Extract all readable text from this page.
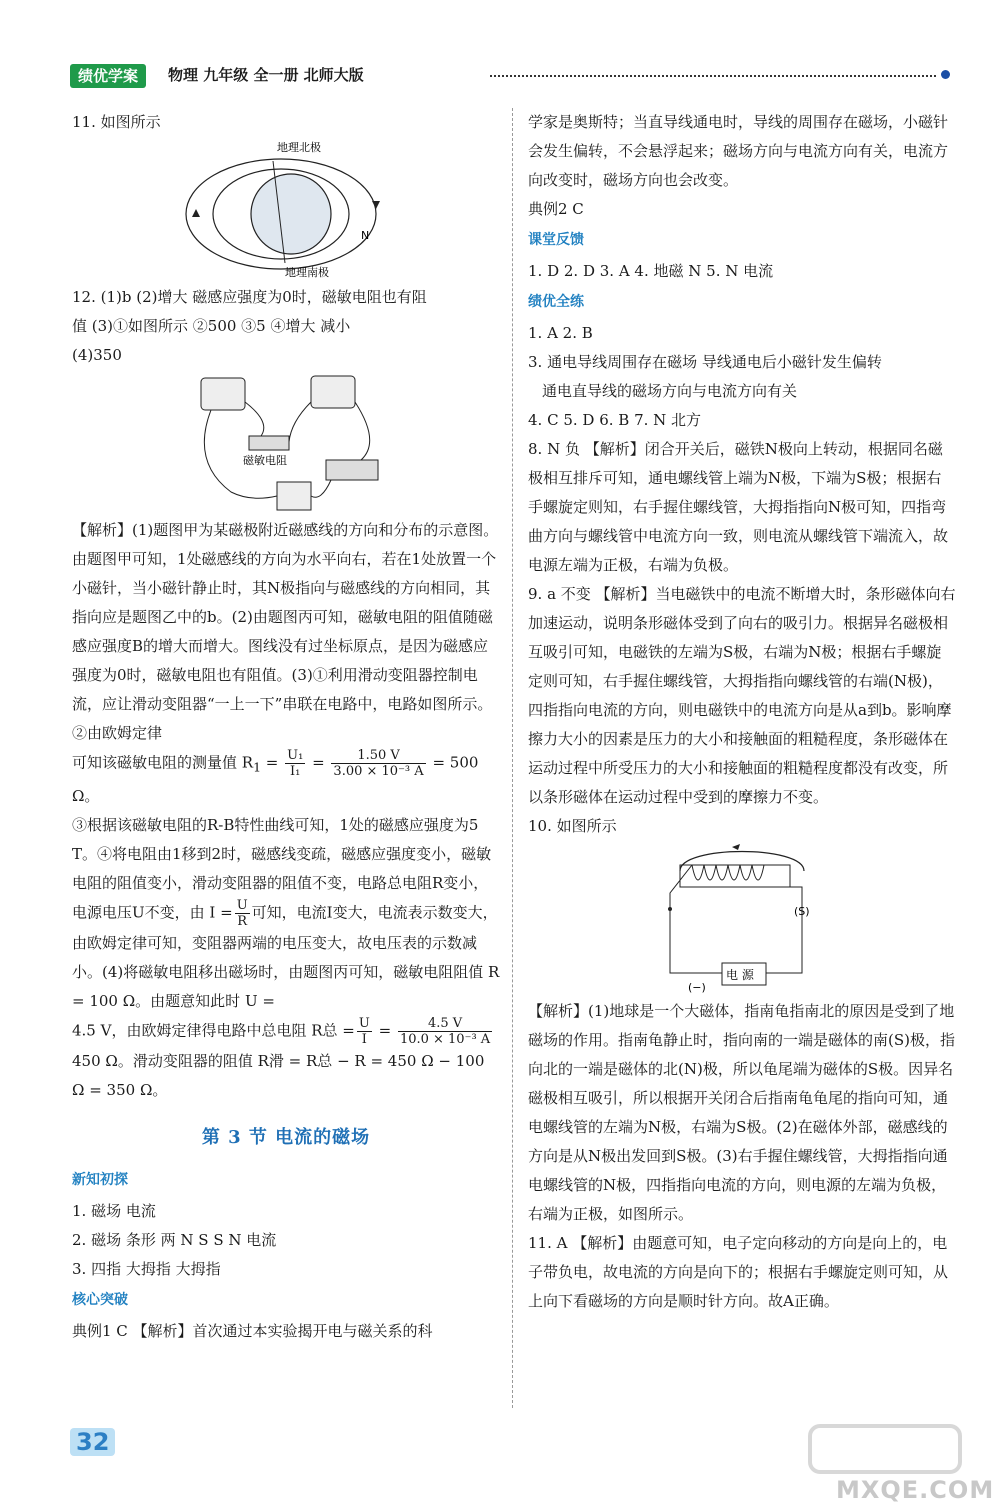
绩优学案	物理 九年级 全一册 北师大版

11. 如图所示

地理北极
地理南极
N

12. (1)b (2)增大 磁感应强度为0时，磁敏电阻也有阻

值 (3)①如图所示 ②500 ③5 ④增大 减小

(4)350

磁敏电阻

【解析】(1)题图甲为某磁极附近磁感线的方向和分布的示意图。由题图甲可知，1处磁感线的方向为水平向右，若在1处放置一个小磁针，当小磁针静止时，其N极指向与磁感线的方向相同，其指向应是题图乙中的b。(2)由题图丙可知，磁敏电阻的阻值随磁感应强度B的增大而增大。图线没有过坐标原点，是因为磁感应强度为0时，磁敏电阻也有阻值。(3)①利用滑动变阻器控制电流，应让滑动变阻器“一上一下”串联在电路中，电路如图所示。②由欧姆定律

可知该磁敏电阻的测量值 $R_1 = \frac{\text{U₁}}{\text{I₁}} = \frac{1.50 V}{\text{3.00 × 10⁻³ A}} = 500$ Ω。

③根据该磁敏电阻的R-B特性曲线可知，1处的磁感应强度为5 T。④将电阻由1移到2时，磁感线变疏，磁感应强度变小，磁敏电阻的阻值变小，滑动变阻器的阻值不变，电路总电阻R变小，电源电压U不变，由 $I = \frac{U}{R}$ 可知，电流I变大，电流表示数变大，由欧姆定律可知，变阻器两端的电压变大，故电压表的示数减小。(4)将磁敏电阻移出磁场时，由题图丙可知，磁敏电阻阻值 R = 100 Ω。由题意知此时 U =

4.5 V，由欧姆定律得电路中总电阻 R总 = $\frac{U}{I} = \frac{4.5 V}{\text{10.0 × 10⁻³ A}}$

450 Ω。滑动变阻器的阻值 R滑 = R总 − R = 450 Ω − 100 Ω = 350 Ω。

第 3 节 电流的磁场
新知初探

1. 磁场 电流

2. 磁场 条形 两 N S S N 电流

3. 四指 大拇指 大拇指

核心突破

典例1 C 【解析】首次通过本实验揭开电与磁关系的科

学家是奥斯特；当直导线通电时，导线的周围存在磁场，小磁针会发生偏转，不会悬浮起来；磁场方向与电流方向有关，电流方向改变时，磁场方向也会改变。

典例2 C

课堂反馈

1. D 2. D 3. A 4. 地磁 N 5. N 电流

绩优全练

1. A 2. B

3. 通电导线周围存在磁场 导线通电后小磁针发生偏转

通电直导线的磁场方向与电流方向有关

4. C 5. D 6. B 7. N 北方

8. N 负 【解析】闭合开关后，磁铁N极向上转动，根据同名磁极相互排斥可知，通电螺线管上端为N极，下端为S极；根据右手螺旋定则知，右手握住螺线管，大拇指指向N极可知，四指弯曲方向与螺线管中电流方向一致，则电流从螺线管下端流入，故电源左端为正极，右端为负极。

9. a 不变 【解析】当电磁铁中的电流不断增大时，条形磁体向右加速运动，说明条形磁体受到了向右的吸引力。根据异名磁极相互吸引可知，电磁铁的左端为S极，右端为N极；根据右手螺旋定则可知，右手握住螺线管，大拇指指向螺线管的右端(N极)，四指指向电流的方向，则电磁铁中的电流方向是从a到b。影响摩擦力大小的因素是压力的大小和接触面的粗糙程度，条形磁体在运动过程中所受压力的大小和接触面的粗糙程度都没有改变，所以条形磁体在运动过程中受到的摩擦力不变。

10. 如图所示

电 源
(S)
(−)

【解析】(1)地球是一个大磁体，指南龟指南北的原因是受到了地磁场的作用。指南龟静止时，指向南的一端是磁体的南(S)极，指向北的一端是磁体的北(N)极，所以龟尾端为磁体的S极。因异名磁极相互吸引，所以根据开关闭合后指南龟龟尾的指向可知，通电螺线管的左端为N极，右端为S极。(2)在磁体外部，磁感线的方向是从N极出发回到S极。(3)右手握住螺线管，大拇指指向通电螺线管的N极，四指指向电流的方向，则电源的左端为负极，右端为正极，如图所示。

11. A 【解析】由题意可知，电子定向移动的方向是向上的，电子带负电，故电流的方向是向下的；根据右手螺旋定则可知，从上向下看磁场的方向是顺时针方向。故A正确。

32
MXQE.COM
